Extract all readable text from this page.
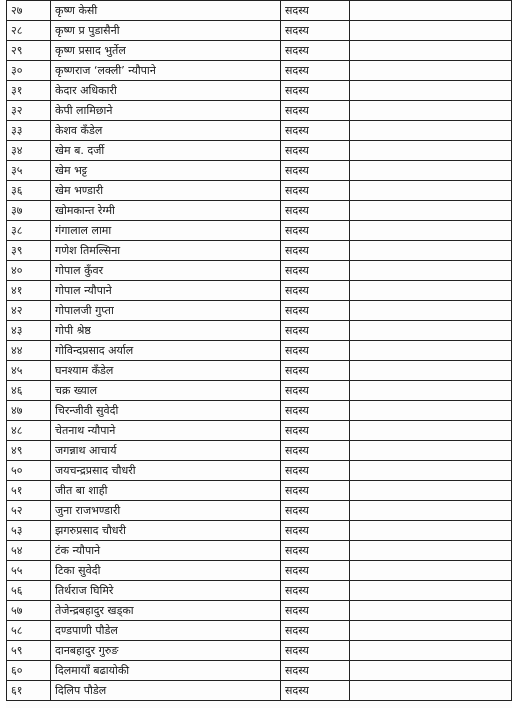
२७	कृष्ण केसी	सदस्य	
२८	कृष्ण प्र पुडासैनी	सदस्य	
२९	कृष्ण प्रसाद भुर्तेल	सदस्य	
३०	कृष्णराज ‘लक्ली’ न्यौपाने	सदस्य	
३१	केदार अधिकारी	सदस्य	
३२	केपी लामिछाने	सदस्य	
३३	केशव कँडेल	सदस्य	
३४	खेम ब. दर्जी	सदस्य	
३५	खेम भट्ट	सदस्य	
३६	खेम भण्डारी	सदस्य	
३७	खोमकान्त रेग्मी	सदस्य	
३८	गंगालाल लामा	सदस्य	
३९	गणेश तिमल्सिना	सदस्य	
४०	गोपाल कुँवर	सदस्य	
४१	गोपाल न्यौपाने	सदस्य	
४२	गोपालजी गुप्ता	सदस्य	
४३	गोपी श्रेष्ठ	सदस्य	
४४	गोविन्दप्रसाद अर्याल	सदस्य	
४५	घनश्याम कँडेल	सदस्य	
४६	चक्र ख्याल	सदस्य	
४७	चिरन्जीवी सुवेदी	सदस्य	
४८	चेतनाथ न्यौपाने	सदस्य	
४९	जगन्नाथ आचार्य	सदस्य	
५०	जयचन्द्रप्रसाद चौधरी	सदस्य	
५१	जीत बा शाही	सदस्य	
५२	जुना राजभण्डारी	सदस्य	
५३	झगरुप्रसाद चौधरी	सदस्य	
५४	टंक न्यौपाने	सदस्य	
५५	टिका सुवेदी	सदस्य	
५६	तिर्थराज घिमिरे	सदस्य	
५७	तेजेन्द्रबहादुर खड्का	सदस्य	
५८	दण्डपाणी पौडेल	सदस्य	
५९	दानबहादुर गुरुङ	सदस्य	
६०	दिलमायाँ बढायोकी	सदस्य	
६१	दिलिप पौडेल	सदस्य	
